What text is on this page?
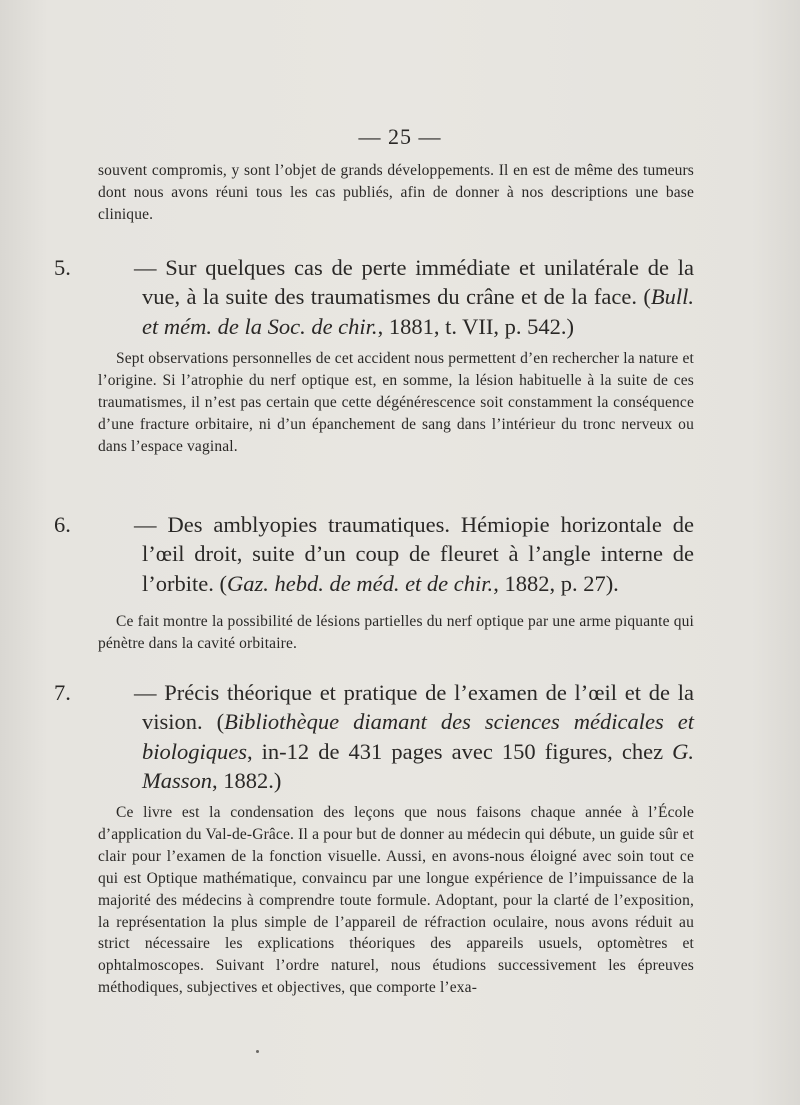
— 25 —

souvent compromis, y sont l’objet de grands développements. Il en est de même des tumeurs dont nous avons réuni tous les cas publiés, afin de donner à nos descriptions une base clinique.

5.	— Sur quelques cas de perte immédiate et unilatérale de la vue, à la suite des traumatismes du crâne et de la face. (Bull. et mém. de la Soc. de chir., 1881, t. VII, p. 542.)

Sept observations personnelles de cet accident nous permettent d’en rechercher la nature et l’origine. Si l’atrophie du nerf optique est, en somme, la lésion habituelle à la suite de ces traumatismes, il n’est pas certain que cette dégénérescence soit constamment la conséquence d’une fracture orbitaire, ni d’un épanchement de sang dans l’intérieur du tronc nerveux ou dans l’espace vaginal.

6.	— Des amblyopies traumatiques. Hémiopie horizontale de l’œil droit, suite d’un coup de fleuret à l’angle interne de l’orbite. (Gaz. hebd. de méd. et de chir., 1882, p. 27).

Ce fait montre la possibilité de lésions partielles du nerf optique par une arme piquante qui pénètre dans la cavité orbitaire.

7.	— Précis théorique et pratique de l’examen de l’œil et de la vision. (Bibliothèque diamant des sciences médicales et biologiques, in-12 de 431 pages avec 150 figures, chez G. Masson, 1882.)

Ce livre est la condensation des leçons que nous faisons chaque année à l’École d’application du Val-de-Grâce. Il a pour but de donner au médecin qui débute, un guide sûr et clair pour l’examen de la fonction visuelle. Aussi, en avons-nous éloigné avec soin tout ce qui est Optique mathématique, convaincu par une longue expérience de l’impuissance de la majorité des médecins à comprendre toute formule. Adoptant, pour la clarté de l’exposition, la représentation la plus simple de l’appareil de réfraction oculaire, nous avons réduit au strict nécessaire les explications théoriques des appareils usuels, optomètres et ophtalmoscopes. Suivant l’ordre naturel, nous étudions successivement les épreuves méthodiques, subjectives et objectives, que comporte l’exa-
